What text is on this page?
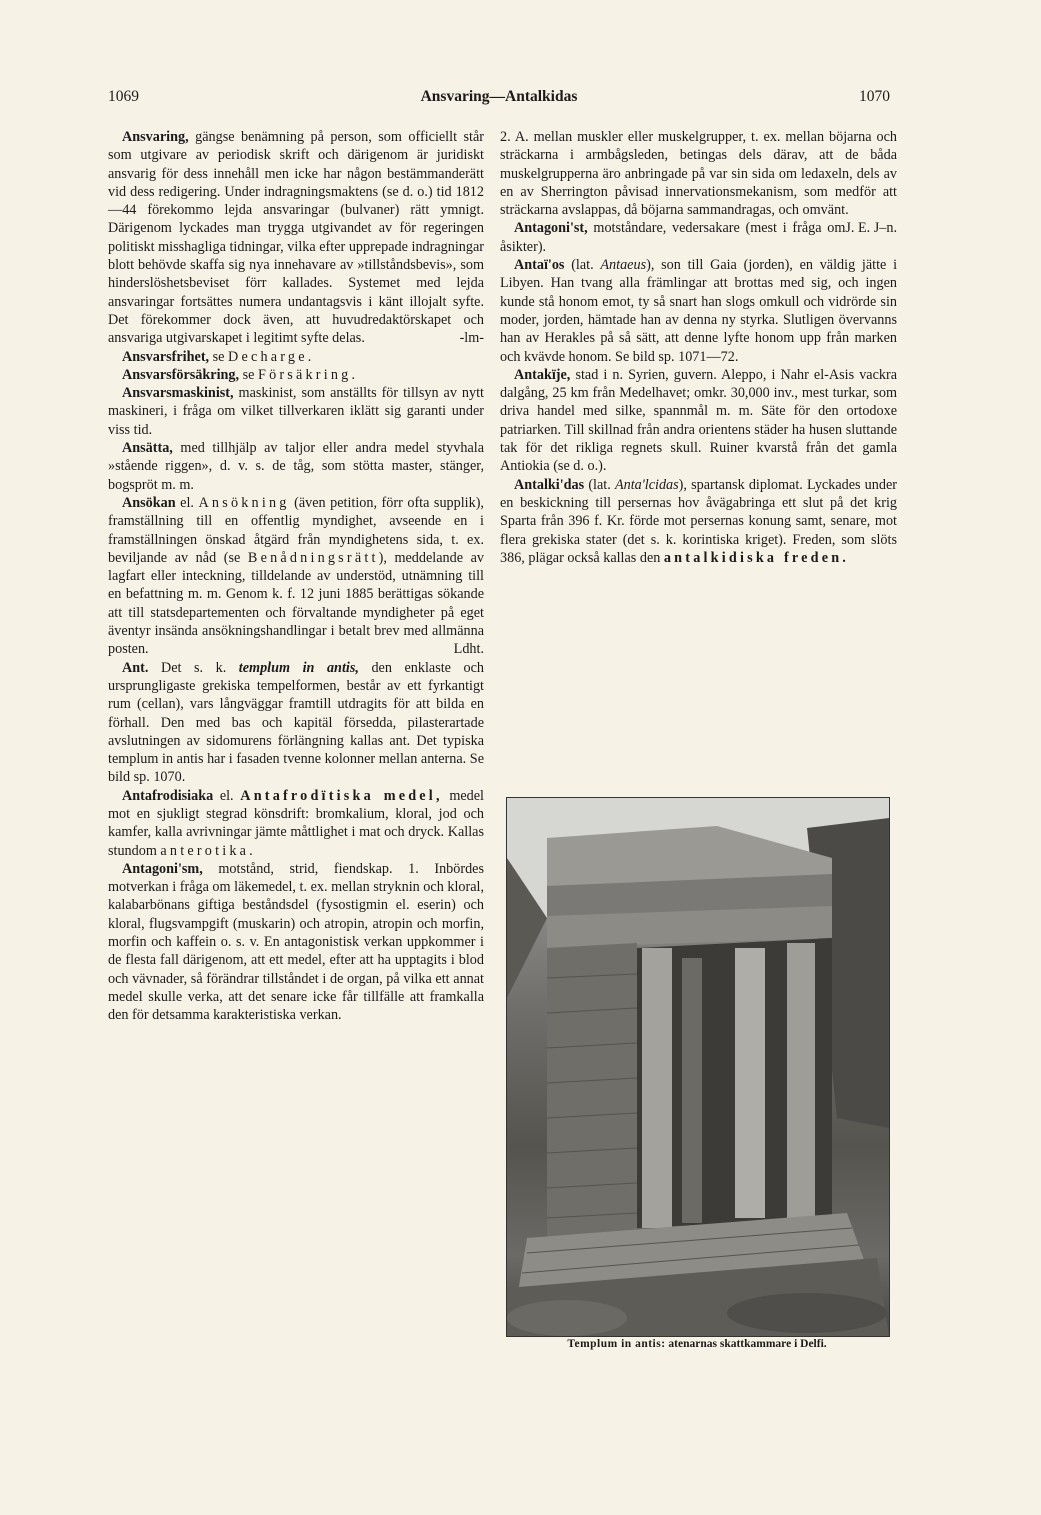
1069	Ansvaring—Antalkidas	1070

Ansvaring, gängse benämning på person, som officiellt står som utgivare av periodisk skrift och därigenom är juridiskt ansvarig för dess innehåll men icke har någon bestämmanderätt vid dess redigering. Under indragningsmaktens (se d. o.) tid 1812—44 förekommo lejda ansvaringar (bulvaner) rätt ymnigt. Därigenom lyckades man trygga utgivandet av för regeringen politiskt misshagliga tidningar, vilka efter upprepade indragningar blott behövde skaffa sig nya innehavare av »tillståndsbevis», som hinderslöshetsbeviset förr kallades. Systemet med lejda ansvaringar fortsättes numera undantagsvis i känt illojalt syfte. Det förekommer dock även, att huvudredaktörskapet och ansvariga utgivarskapet i legitimt syfte delas.	-lm-

Ansvarsfrihet, se Decharge.

Ansvarsförsäkring, se Försäkring.

Ansvarsmaskinist, maskinist, som anställts för tillsyn av nytt maskineri, i fråga om vilket tillverkaren iklätt sig garanti under viss tid.

Ansätta, med tillhjälp av taljor eller andra medel styvhala »stående riggen», d. v. s. de tåg, som stötta master, stänger, bogspröt m. m.

Ansökan el. Ansökning (även petition, förr ofta supplik), framställning till en offentlig myndighet, avseende en i framställningen önskad åtgärd från myndighetens sida, t. ex. beviljande av nåd (se Benådningsrätt), meddelande av lagfart eller inteckning, tilldelande av understöd, utnämning till en befattning m. m. Genom k. f. 12 juni 1885 berättigas sökande att till statsdepartementen och förvaltande myndigheter på eget äventyr insända ansökningshandlingar i betalt brev med allmänna posten.	Ldht.

Ant. Det s. k. templum in antis, den enklaste och ursprungligaste grekiska tempelformen, består av ett fyrkantigt rum (cellan), vars långväggar framtill utdragits för att bilda en förhall. Den med bas och kapitäl försedda, pilasterartade avslutningen av sidomurens förlängning kallas ant. Det typiska templum in antis har i fasaden tvenne kolonner mellan anterna. Se bild sp. 1070.

Antafrodisiaka el. Antafrodïtiska medel, medel mot en sjukligt stegrad könsdrift: bromkalium, kloral, jod och kamfer, kalla avrivningar jämte måttlighet i mat och dryck. Kallas stundom anterotika.

Antagoni'sm, motstånd, strid, fiendskap. 1. Inbördes motverkan i fråga om läkemedel, t. ex. mellan stryknin och kloral, kalabarbönans giftiga beståndsdel (fysostigmin el. eserin) och kloral, flugsvampgift (muskarin) och atropin, atropin och morfin, morfin och kaffein o. s. v. En antagonistisk verkan uppkommer i de flesta fall därigenom, att ett medel, efter att ha upptagits i blod och vävnader, så förändrar tillståndet i de organ, på vilka ett annat medel skulle verka, att det senare icke får tillfälle att framkalla den för detsamma karakteristiska verkan.

2. A. mellan muskler eller muskelgrupper, t. ex. mellan böjarna och sträckarna i armbågsleden, betingas dels därav, att de båda muskelgrupperna äro anbringade på var sin sida om ledaxeln, dels av en av Sherrington påvisad innervationsmekanism, som medför att sträckarna avslappas, då böjarna sammandragas, och omvänt.
J. E. J–n.

Antagoni'st, motståndare, vedersakare (mest i fråga om åsikter).

Antaï'os (lat. Antaeus), son till Gaia (jorden), en väldig jätte i Libyen. Han tvang alla främlingar att brottas med sig, och ingen kunde stå honom emot, ty så snart han slogs omkull och vidrörde sin moder, jorden, hämtade han av denna ny styrka. Slutligen övervanns han av Herakles på så sätt, att denne lyfte honom upp från marken och kvävde honom. Se bild sp. 1071—72.

Antakïje, stad i n. Syrien, guvern. Aleppo, i Nahr el-Asis vackra dalgång, 25 km från Medelhavet; omkr. 30,000 inv., mest turkar, som driva handel med silke, spannmål m. m. Säte för den ortodoxe patriarken. Till skillnad från andra orientens städer ha husen sluttande tak för det rikliga regnets skull. Ruiner kvarstå från det gamla Antiokia (se d. o.).

Antalki'das (lat. Anta'lcidas), spartansk diplomat. Lyckades under en beskickning till persernas hov åvägabringa ett slut på det krig Sparta från 396 f. Kr. förde mot persernas konung samt, senare, mot flera grekiska stater (det s. k. korintiska kriget). Freden, som slöts 386, plägar också kallas den antalkidiska freden.

Templum in antis: atenarnas skattkammare i Delfi.
